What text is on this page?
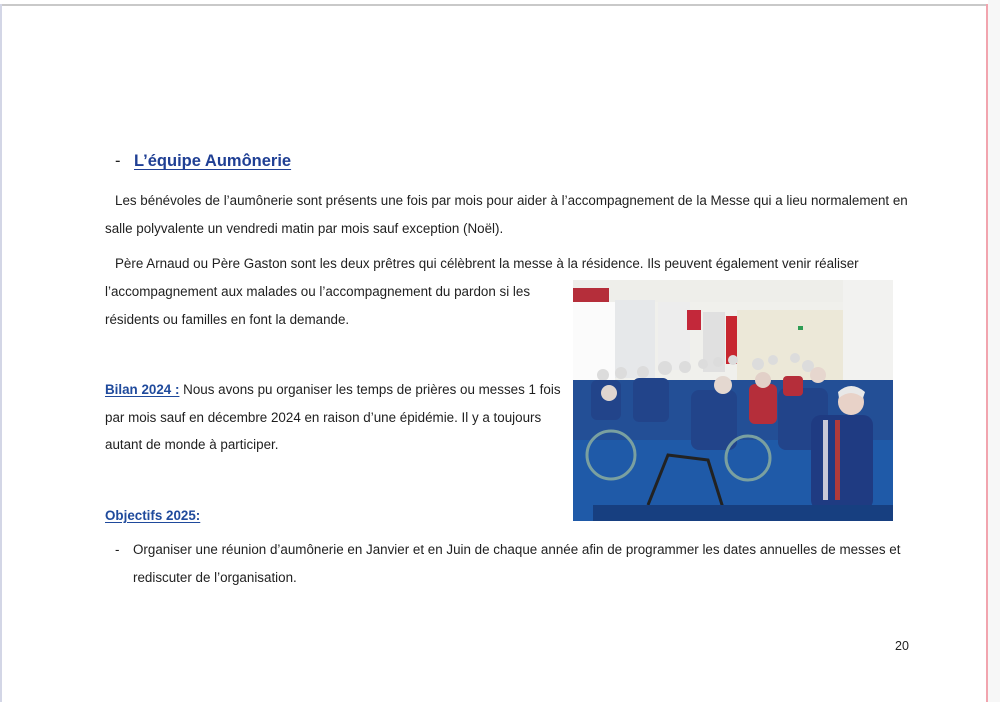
- L’équipe Aumônerie
Les bénévoles de l’aumônerie sont présents une fois par mois pour aider à l’accompagnement de la Messe qui a lieu normalement en
salle polyvalente un vendredi matin par mois sauf exception (Noël).
Père Arnaud ou Père Gaston sont les deux prêtres qui célèbrent la messe à la résidence. Ils peuvent également venir réaliser
l’accompagnement aux malades ou l’accompagnement du pardon si les
résidents ou familles en font la demande.
Bilan 2024 : Nous avons pu organiser les temps de prières ou messes 1 fois
par mois sauf en décembre 2024 en raison d’une épidémie. Il y a toujours
autant de monde à participer.
Objectifs 2025:
- Organiser une réunion d’aumônerie en Janvier et en Juin de chaque année afin de programmer les dates annuelles de messes et
rediscuter de l’organisation.
20
